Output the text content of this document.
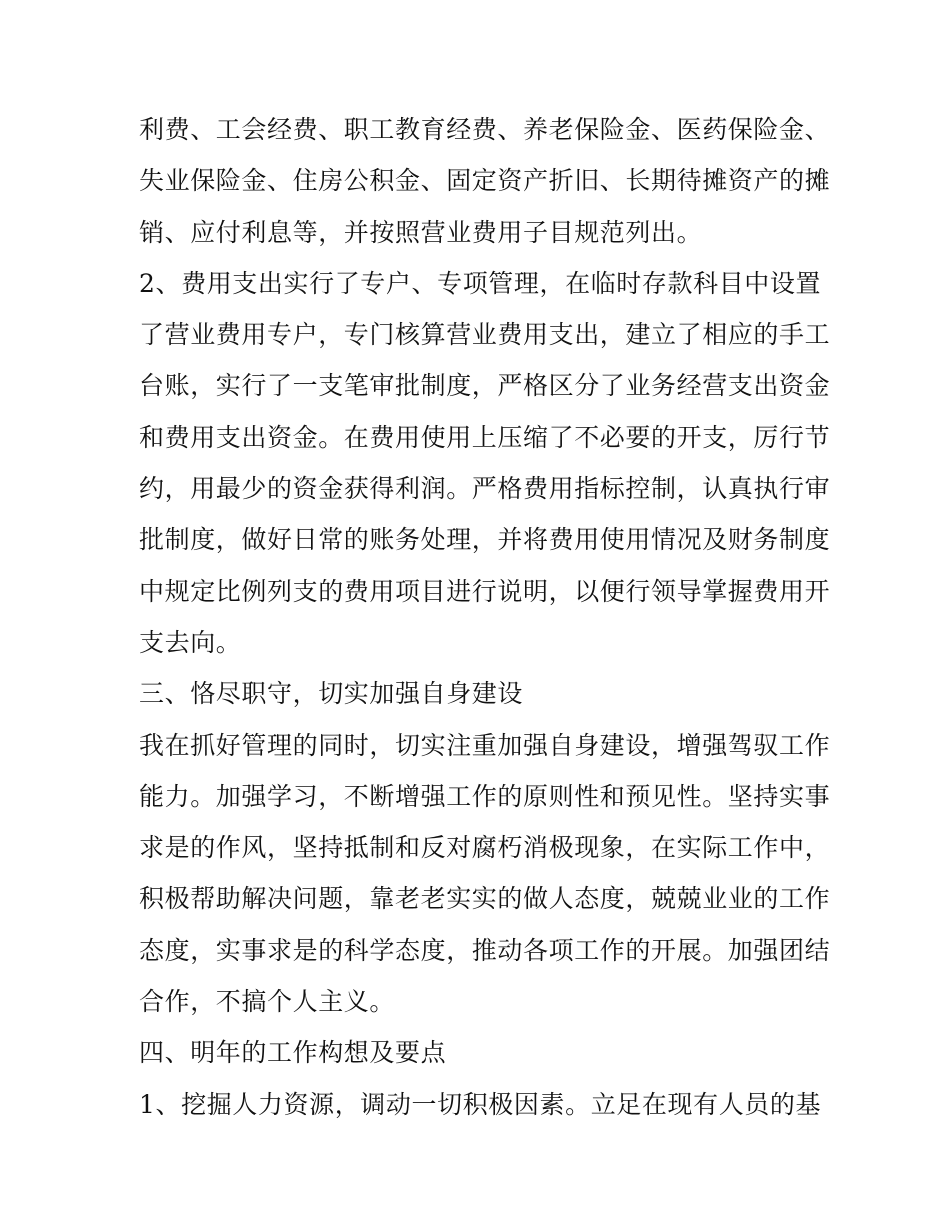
利费、工会经费、职工教育经费、养老保险金、医药保险金、
失业保险金、住房公积金、固定资产折旧、长期待摊资产的摊
销、应付利息等，并按照营业费用子目规范列出。
2、费用支出实行了专户、专项管理，在临时存款科目中设置
了营业费用专户，专门核算营业费用支出，建立了相应的手工
台账，实行了一支笔审批制度，严格区分了业务经营支出资金
和费用支出资金。在费用使用上压缩了不必要的开支，厉行节
约，用最少的资金获得利润。严格费用指标控制，认真执行审
批制度，做好日常的账务处理，并将费用使用情况及财务制度
中规定比例列支的费用项目进行说明，以便行领导掌握费用开
支去向。
三、恪尽职守，切实加强自身建设
我在抓好管理的同时，切实注重加强自身建设，增强驾驭工作
能力。加强学习，不断增强工作的原则性和预见性。坚持实事
求是的作风，坚持抵制和反对腐朽消极现象，在实际工作中，
积极帮助解决问题，靠老老实实的做人态度，兢兢业业的工作
态度，实事求是的科学态度，推动各项工作的开展。加强团结
合作，不搞个人主义。
四、明年的工作构想及要点
1、挖掘人力资源，调动一切积极因素。立足在现有人员的基
